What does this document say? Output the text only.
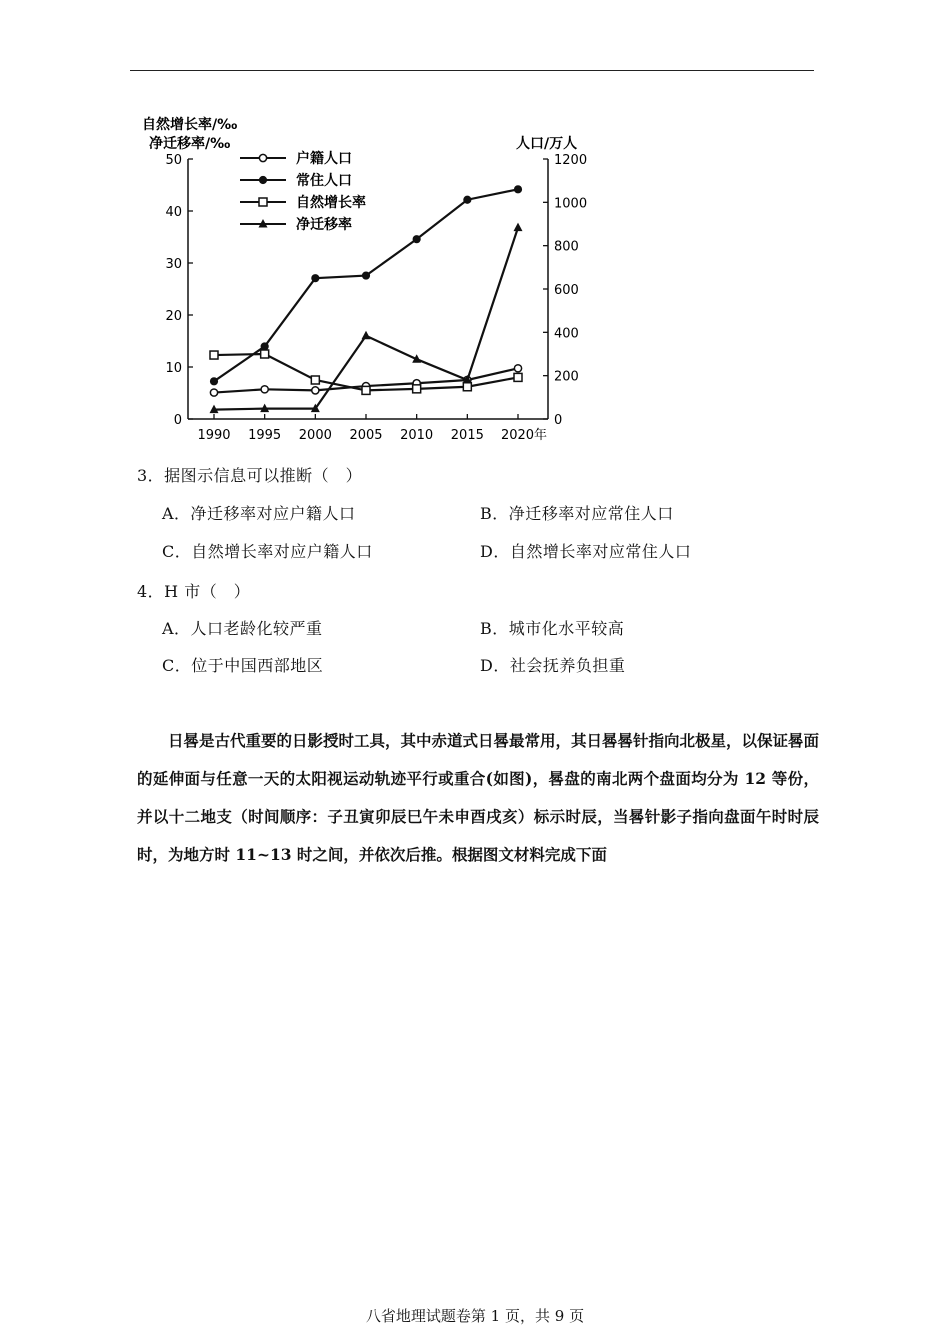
自然增长率/‰
净迁移率/‰	人口/万人
0
10
20
30
40
50
0
200
400
600
800
1000
1200
1990 1995 2000 2005 2010 2015 2020年
户籍人口
常住人口
自然增长率
净迁移率
3．据图示信息可以推断（　）
A．净迁移率对应户籍人口	B．净迁移率对应常住人口
C．自然增长率对应户籍人口	D．自然增长率对应常住人口
4．H 市（　）
A．人口老龄化较严重	B．城市化水平较高
C．位于中国西部地区	D．社会抚养负担重

日晷是古代重要的日影授时工具，其中赤道式日晷最常用，其日晷晷针指向北极星，以保证晷面的延伸面与任意一天的太阳视运动轨迹平行或重合(如图)，晷盘的南北两个盘面均分为 12 等份，并以十二地支（时间顺序：子丑寅卯辰巳午未申酉戌亥）标示时辰，当晷针影子指向盘面午时时辰时，为地方时 11~13 时之间，并依次后推。根据图文材料完成下面

八省地理试题卷第 1 页，共 9 页
